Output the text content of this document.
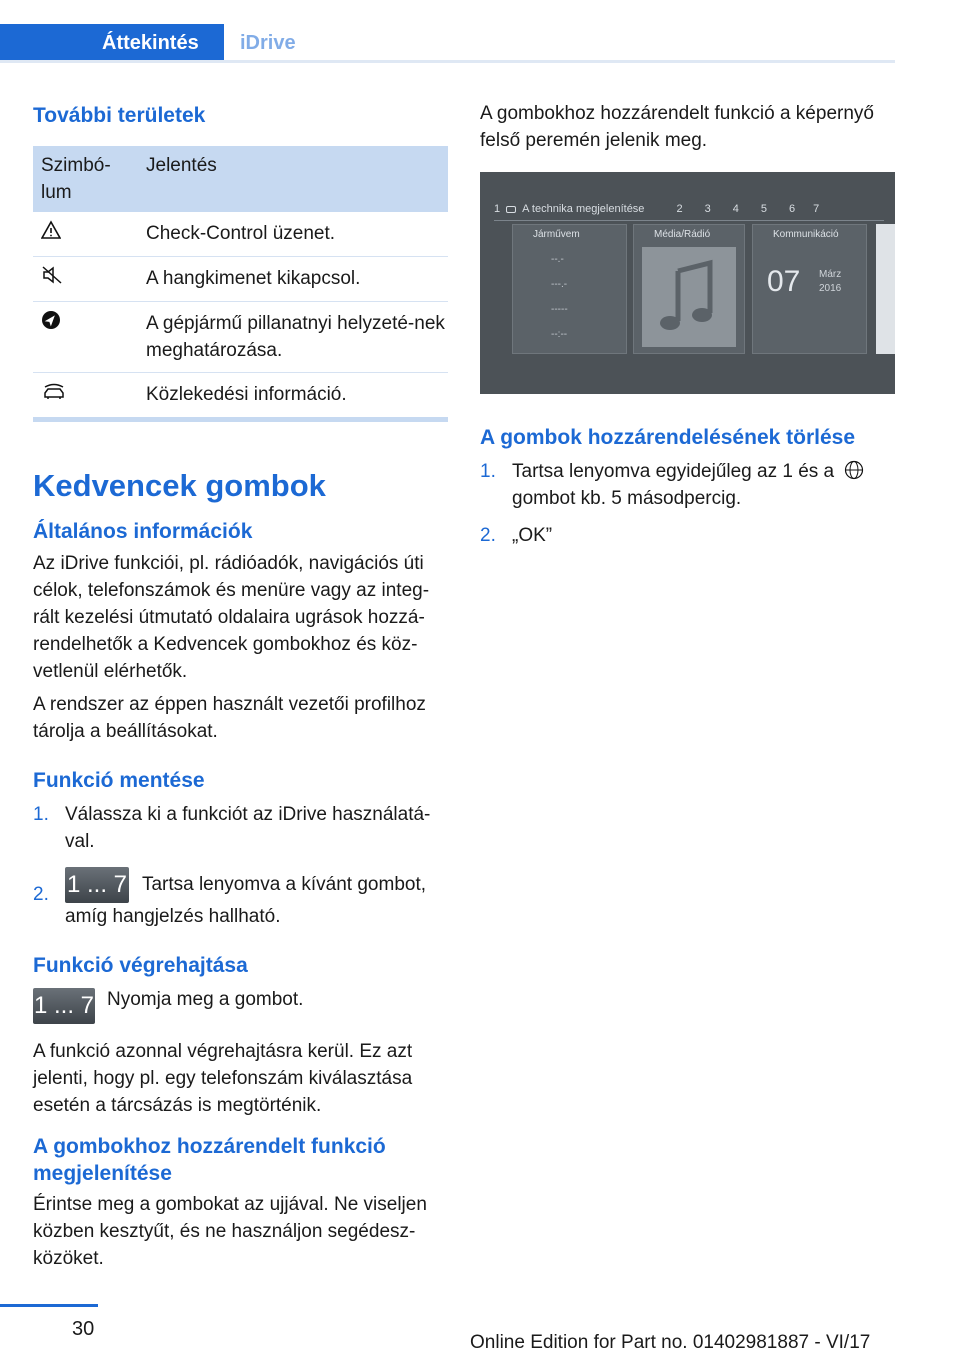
Áttekintés	iDrive
További területek
Szimbó-
lum	Jelentés
	Check-Control üzenet.
	A hangkimenet kikapcsol.
	A gépjármű pillanatnyi helyzeté-nek meghatározása.
	Közlekedési információ.
Kedvencek gombok
Általános információk

Az iDrive funkciói, pl. rádióadók, navigációs úti célok, telefonszámok és menüre vagy az integ-rált kezelési útmutató oldalaira ugrások hozzá-rendelhetők a Kedvencek gombokhoz és köz-vetlenül elérhetők.

A rendszer az éppen használt vezetői profilhoz tárolja a beállításokat.

Funkció mentése
1. Válassza ki a funkciót az iDrive használatá-val.
2. 1 ... 7 Tartsa lenyomva a kívánt gombot, amíg hangjelzés hallható.
Funkció végrehajtása
1 ... 7 Nyomja meg a gombot.

A funkció azonnal végrehajtásra kerül. Ez azt jelenti, hogy pl. egy telefonszám kiválasztása esetén a tárcsázás is megtörténik.

A gombokhoz hozzárendelt funkció megjelenítése

Érintse meg a gombokat az ujjával. Ne viseljen közben kesztyűt, és ne használjon segédesz-közöket.

A gombokhoz hozzárendelt funkció a képernyő felső peremén jelenik meg.

1 A technika megjelenítése	2 3 4 5 6 7
Járművem
--.-
---.-
-----
--:--
Média/Rádió	Kommunikáció
07 Márz
2016
A gombok hozzárendelésének törlése
1. Tartsa lenyomva egyidejűleg az 1 és a  gombot kb. 5 másodpercig.
2. „OK”
30
Online Edition for Part no. 01402981887 - VI/17
